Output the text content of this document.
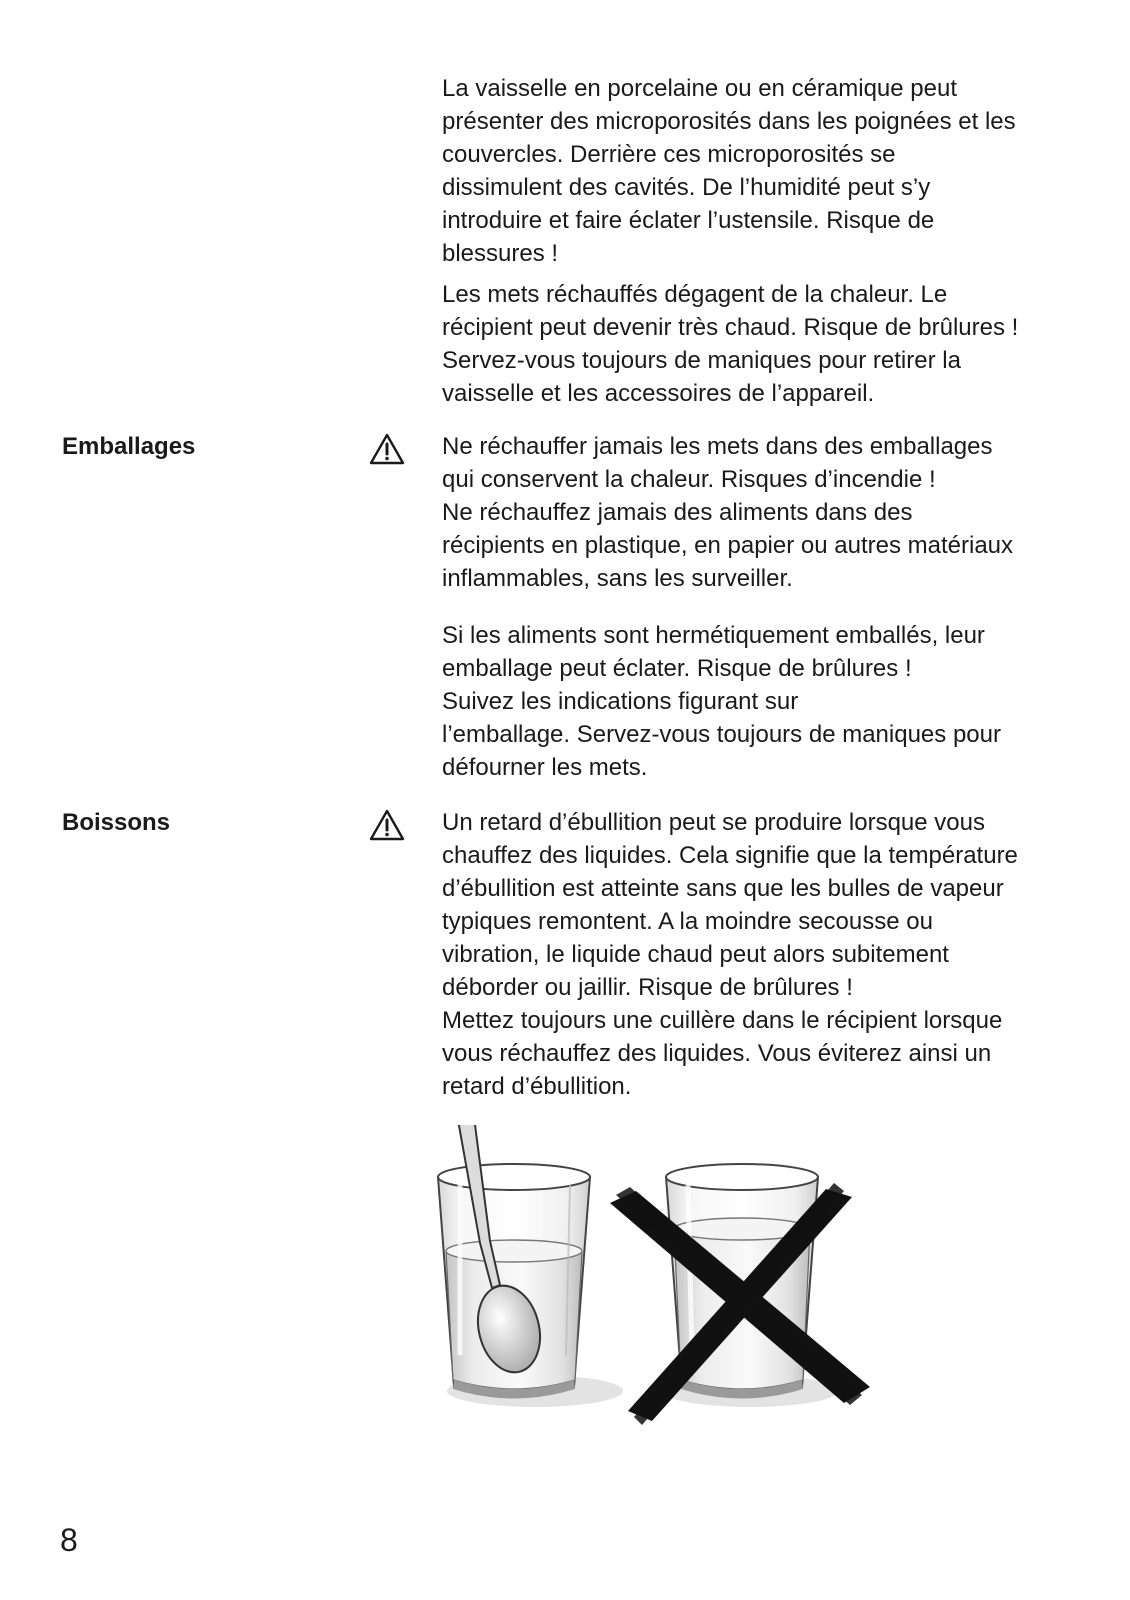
La vaisselle en porcelaine ou en céramique peut
présenter des microporosités dans les poignées et les
couvercles. Derrière ces microporosités se
dissimulent des cavités. De l’humidité peut s’y
introduire et faire éclater l’ustensile. Risque de
blessures !

Les mets réchauffés dégagent de la chaleur. Le
récipient peut devenir très chaud. Risque de brûlures !
Servez-vous toujours de maniques pour retirer la
vaisselle et les accessoires de l’appareil.

Emballages	Ne réchauffer jamais les mets dans des emballages
qui conservent la chaleur. Risques d’incendie !
Ne réchauffez jamais des aliments dans des
récipients en plastique, en papier ou autres matériaux
inflammables, sans les surveiller.

Si les aliments sont hermétiquement emballés, leur
emballage peut éclater. Risque de brûlures !
Suivez les indications figurant sur
l’emballage. Servez-vous toujours de maniques pour
défourner les mets.

Boissons	Un retard d’ébullition peut se produire lorsque vous
chauffez des liquides. Cela signifie que la température
d’ébullition est atteinte sans que les bulles de vapeur
typiques remontent. A la moindre secousse ou
vibration, le liquide chaud peut alors subitement
déborder ou jaillir. Risque de brûlures !
Mettez toujours une cuillère dans le récipient lorsque
vous réchauffez des liquides. Vous éviterez ainsi un
retard d’ébullition.

8
